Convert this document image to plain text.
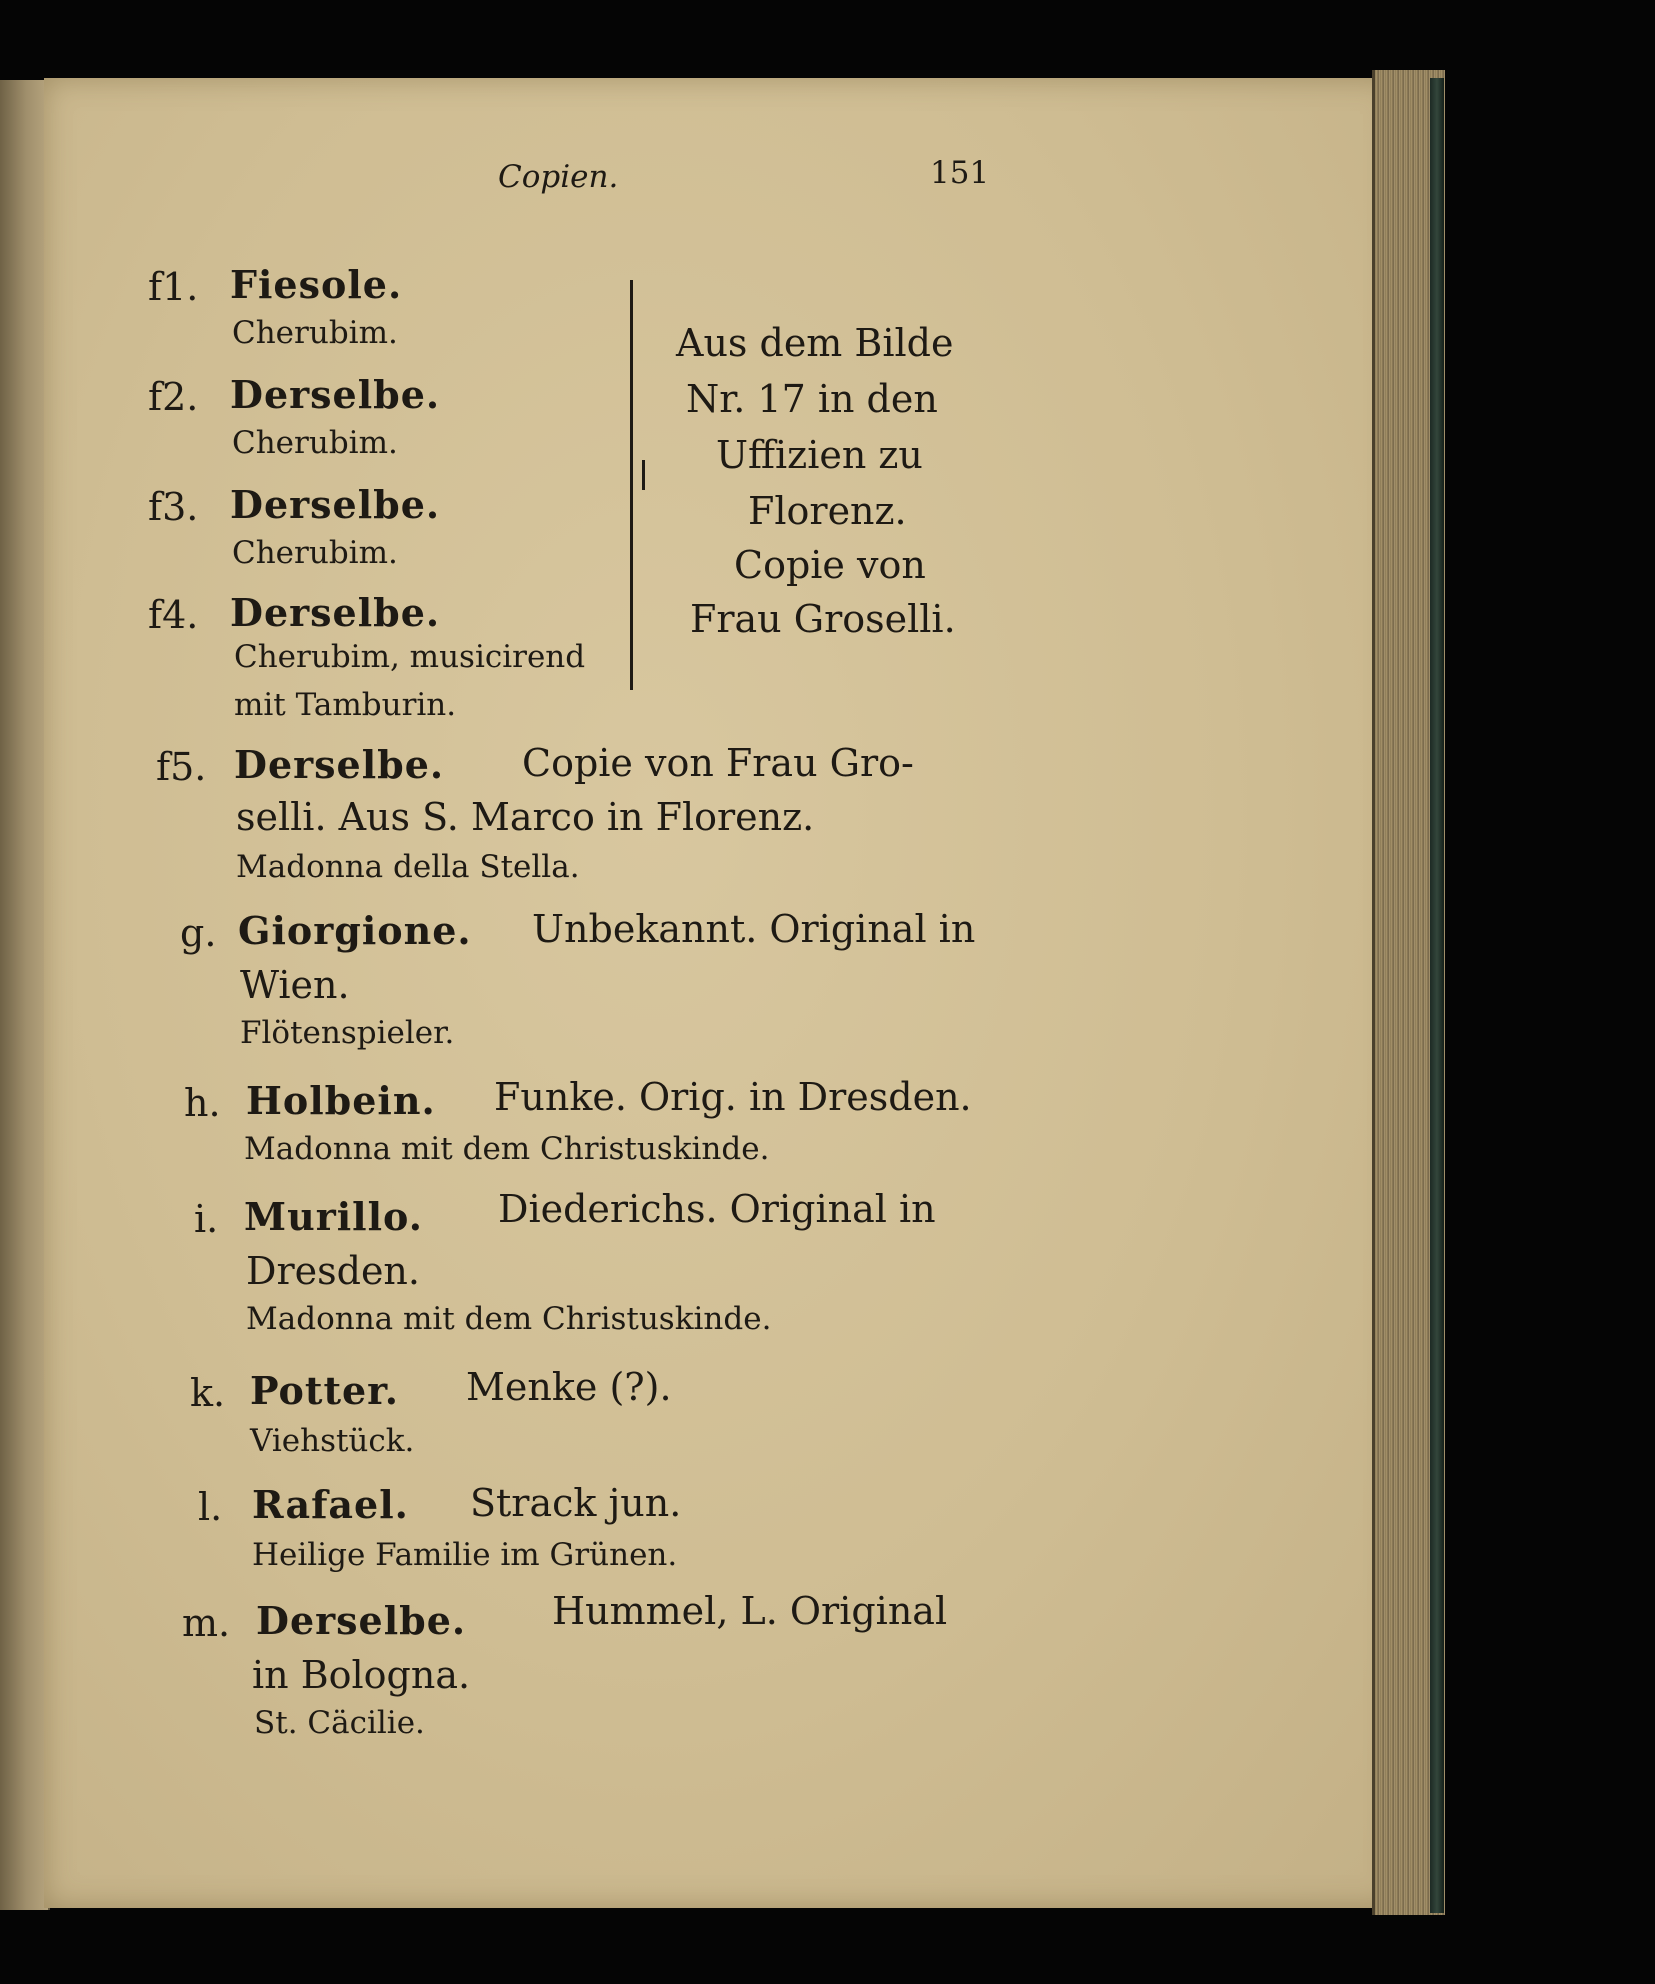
Copien.	151
f1. Fiesole.
Cherubim.
f2. Derselbe.
Cherubim.
f3. Derselbe.
Cherubim.
f4. Derselbe.
Cherubim, musicirend
mit Tamburin.
Aus dem Bilde
Nr. 17 in den
Uffizien zu
Florenz.
Copie von
Frau Groselli.
f5. Derselbe. Copie von Frau Gro-
selli. Aus S. Marco in Florenz.
Madonna della Stella.
g. Giorgione. Unbekannt. Original in
Wien.
Flötenspieler.
h. Holbein. Funke. Orig. in Dresden.
Madonna mit dem Christuskinde.
i. Murillo. Diederichs. Original in
Dresden.
Madonna mit dem Christuskinde.
k. Potter. Menke (?).
Viehstück.
l. Rafael. Strack jun.
Heilige Familie im Grünen.
m. Derselbe. Hummel, L. Original
in Bologna.
St. Cäcilie.
